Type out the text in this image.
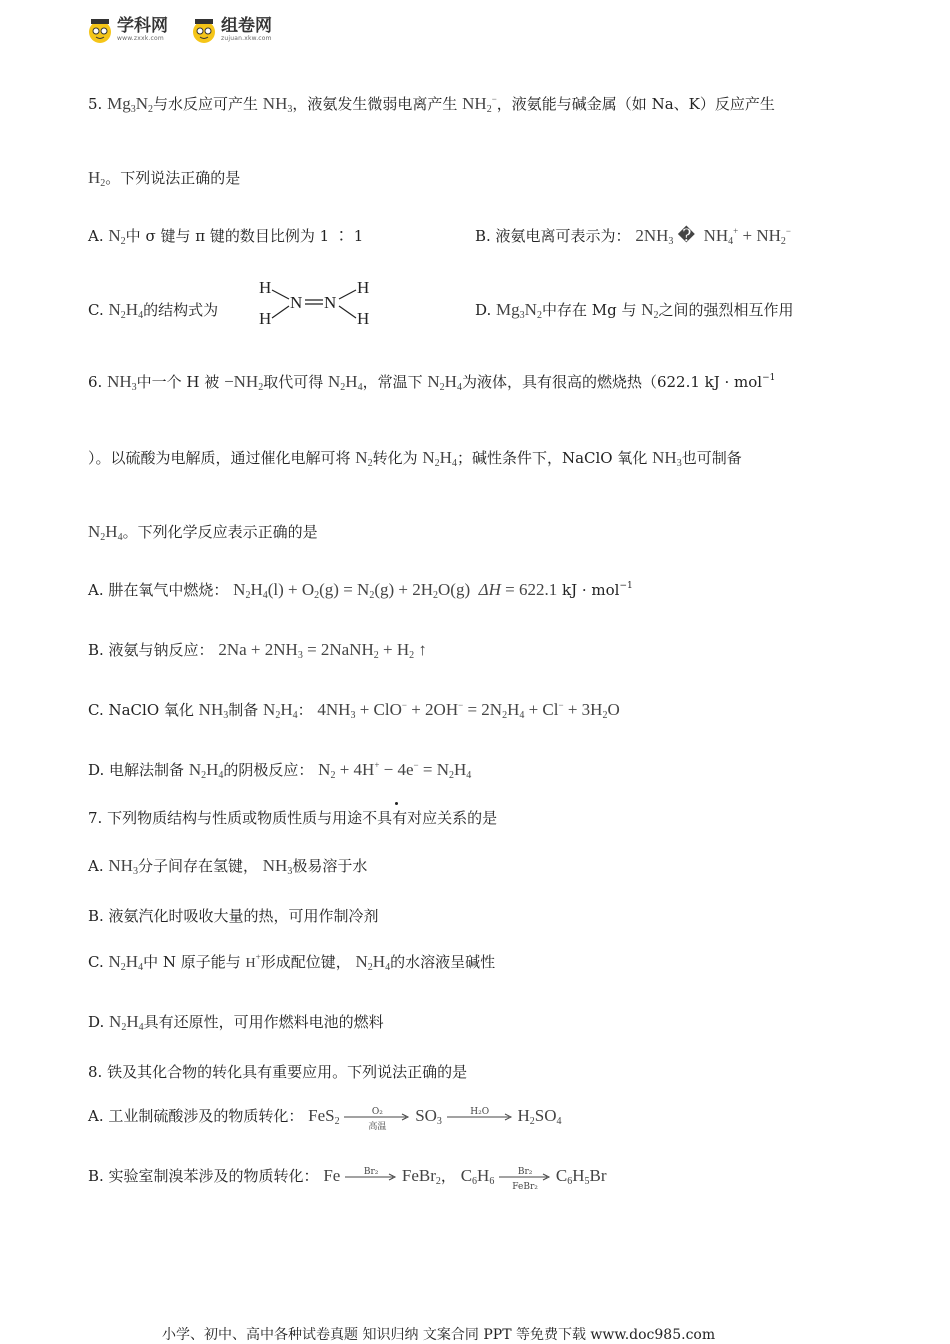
学科网
www.zxxk.com
组卷网
zujuan.xkw.com
5. $Mg_3N_2$与水反应可产生 $NH_3$，液氨发生微弱电离产生 $NH_2^-$，液氨能与碱金属（如 Na、K）反应产生
$H_2$。下列说法正确的是
A. $N_2$中 σ 键与 π 键的数目比例为 1 ∶ 1	B. 液氨电离可表示为： $2NH_3$ �  $NH_4^+ + NH_2^-$
C. $N_2H_4$的结构式为
H
H
N N
H
H	D. $Mg_3N_2$中存在 Mg 与 $N_2$之间的强烈相互作用
6. $NH_3$中一个 H 被 $-NH_2$取代可得 $N_2H_4$，常温下 $N_2H_4$为液体，具有很高的燃烧热（622.1 kJ · mol$^{-1}$
）。以硫酸为电解质，通过催化电解可将 $N_2$转化为 $N_2H_4$；碱性条件下，NaClO 氧化 $NH_3$也可制备
$N_2H_4$。下列化学反应表示正确的是
A. 肼在氧气中燃烧： $N_2H_4(l) + O_2(g) = N_2(g) + 2H_2O(g) \Delta H = 622.1$ kJ · mol$^{-1}$
B. 液氨与钠反应： $2Na + 2NH_3$ = 2NaNH$_2$ + $H_2$ ↑
C. NaClO 氧化 $NH_3$制备 $N_2H_4$： $4NH_3 + ClO^- + 2OH^- = 2N_2H_4 + Cl^- + 3H_2O$
D. 电解法制备 $N_2H_4$的阴极反应： $N_2 + 4H^+ - 4e^- = N_2H_4$
7. 下列物质结构与性质或物质性质与用途不具有对应关系的是
A. $NH_3$分子间存在氢键， $NH_3$极易溶于水
B. 液氨汽化时吸收大量的热，可用作制冷剂
C. $N_2H_4$中 N 原子能与 H+形成配位键， $N_2H_4$的水溶液呈碱性
D. $N_2H_4$具有还原性，可用作燃料电池的燃料
8. 铁及其化合物的转化具有重要应用。下列说法正确的是
A. 工业制硫酸涉及的物质转化： FeS$_2$
O₂
高温
$SO_3$
H₂O	$H_2SO_4$
B. 实验室制溴苯涉及的物质转化： Fe	Br₂	FeBr$_2$， $C_6H_6$
Br₂
FeBr₂
$C_6H_5Br$
小学、初中、高中各种试卷真题 知识归纳 文案合同 PPT 等免费下载 www.doc985.com
